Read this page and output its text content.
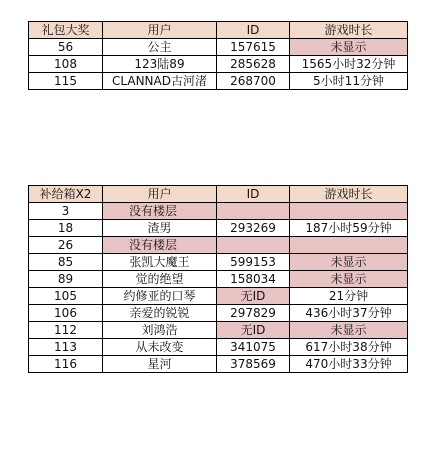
礼包大奖	用户	ID	游戏时长
56	公主	157615	未显示
108	123陆89	285628	1565小时32分钟
115	CLANNAD古河渚	268700	5小时11分钟
补给箱X2	用户	ID	游戏时长
3	没有楼层		
18	渣男	293269	187小时59分钟
26	没有楼层		
85	张凯大魔王	599153	未显示
89	觉的绝望	158034	未显示
105	约修亚的口琴	无ID	21分钟
106	亲爱的锐锐	297829	436小时37分钟
112	刘鸿浩	无ID	未显示
113	从未改变	341075	617小时38分钟
116	星河	378569	470小时33分钟
